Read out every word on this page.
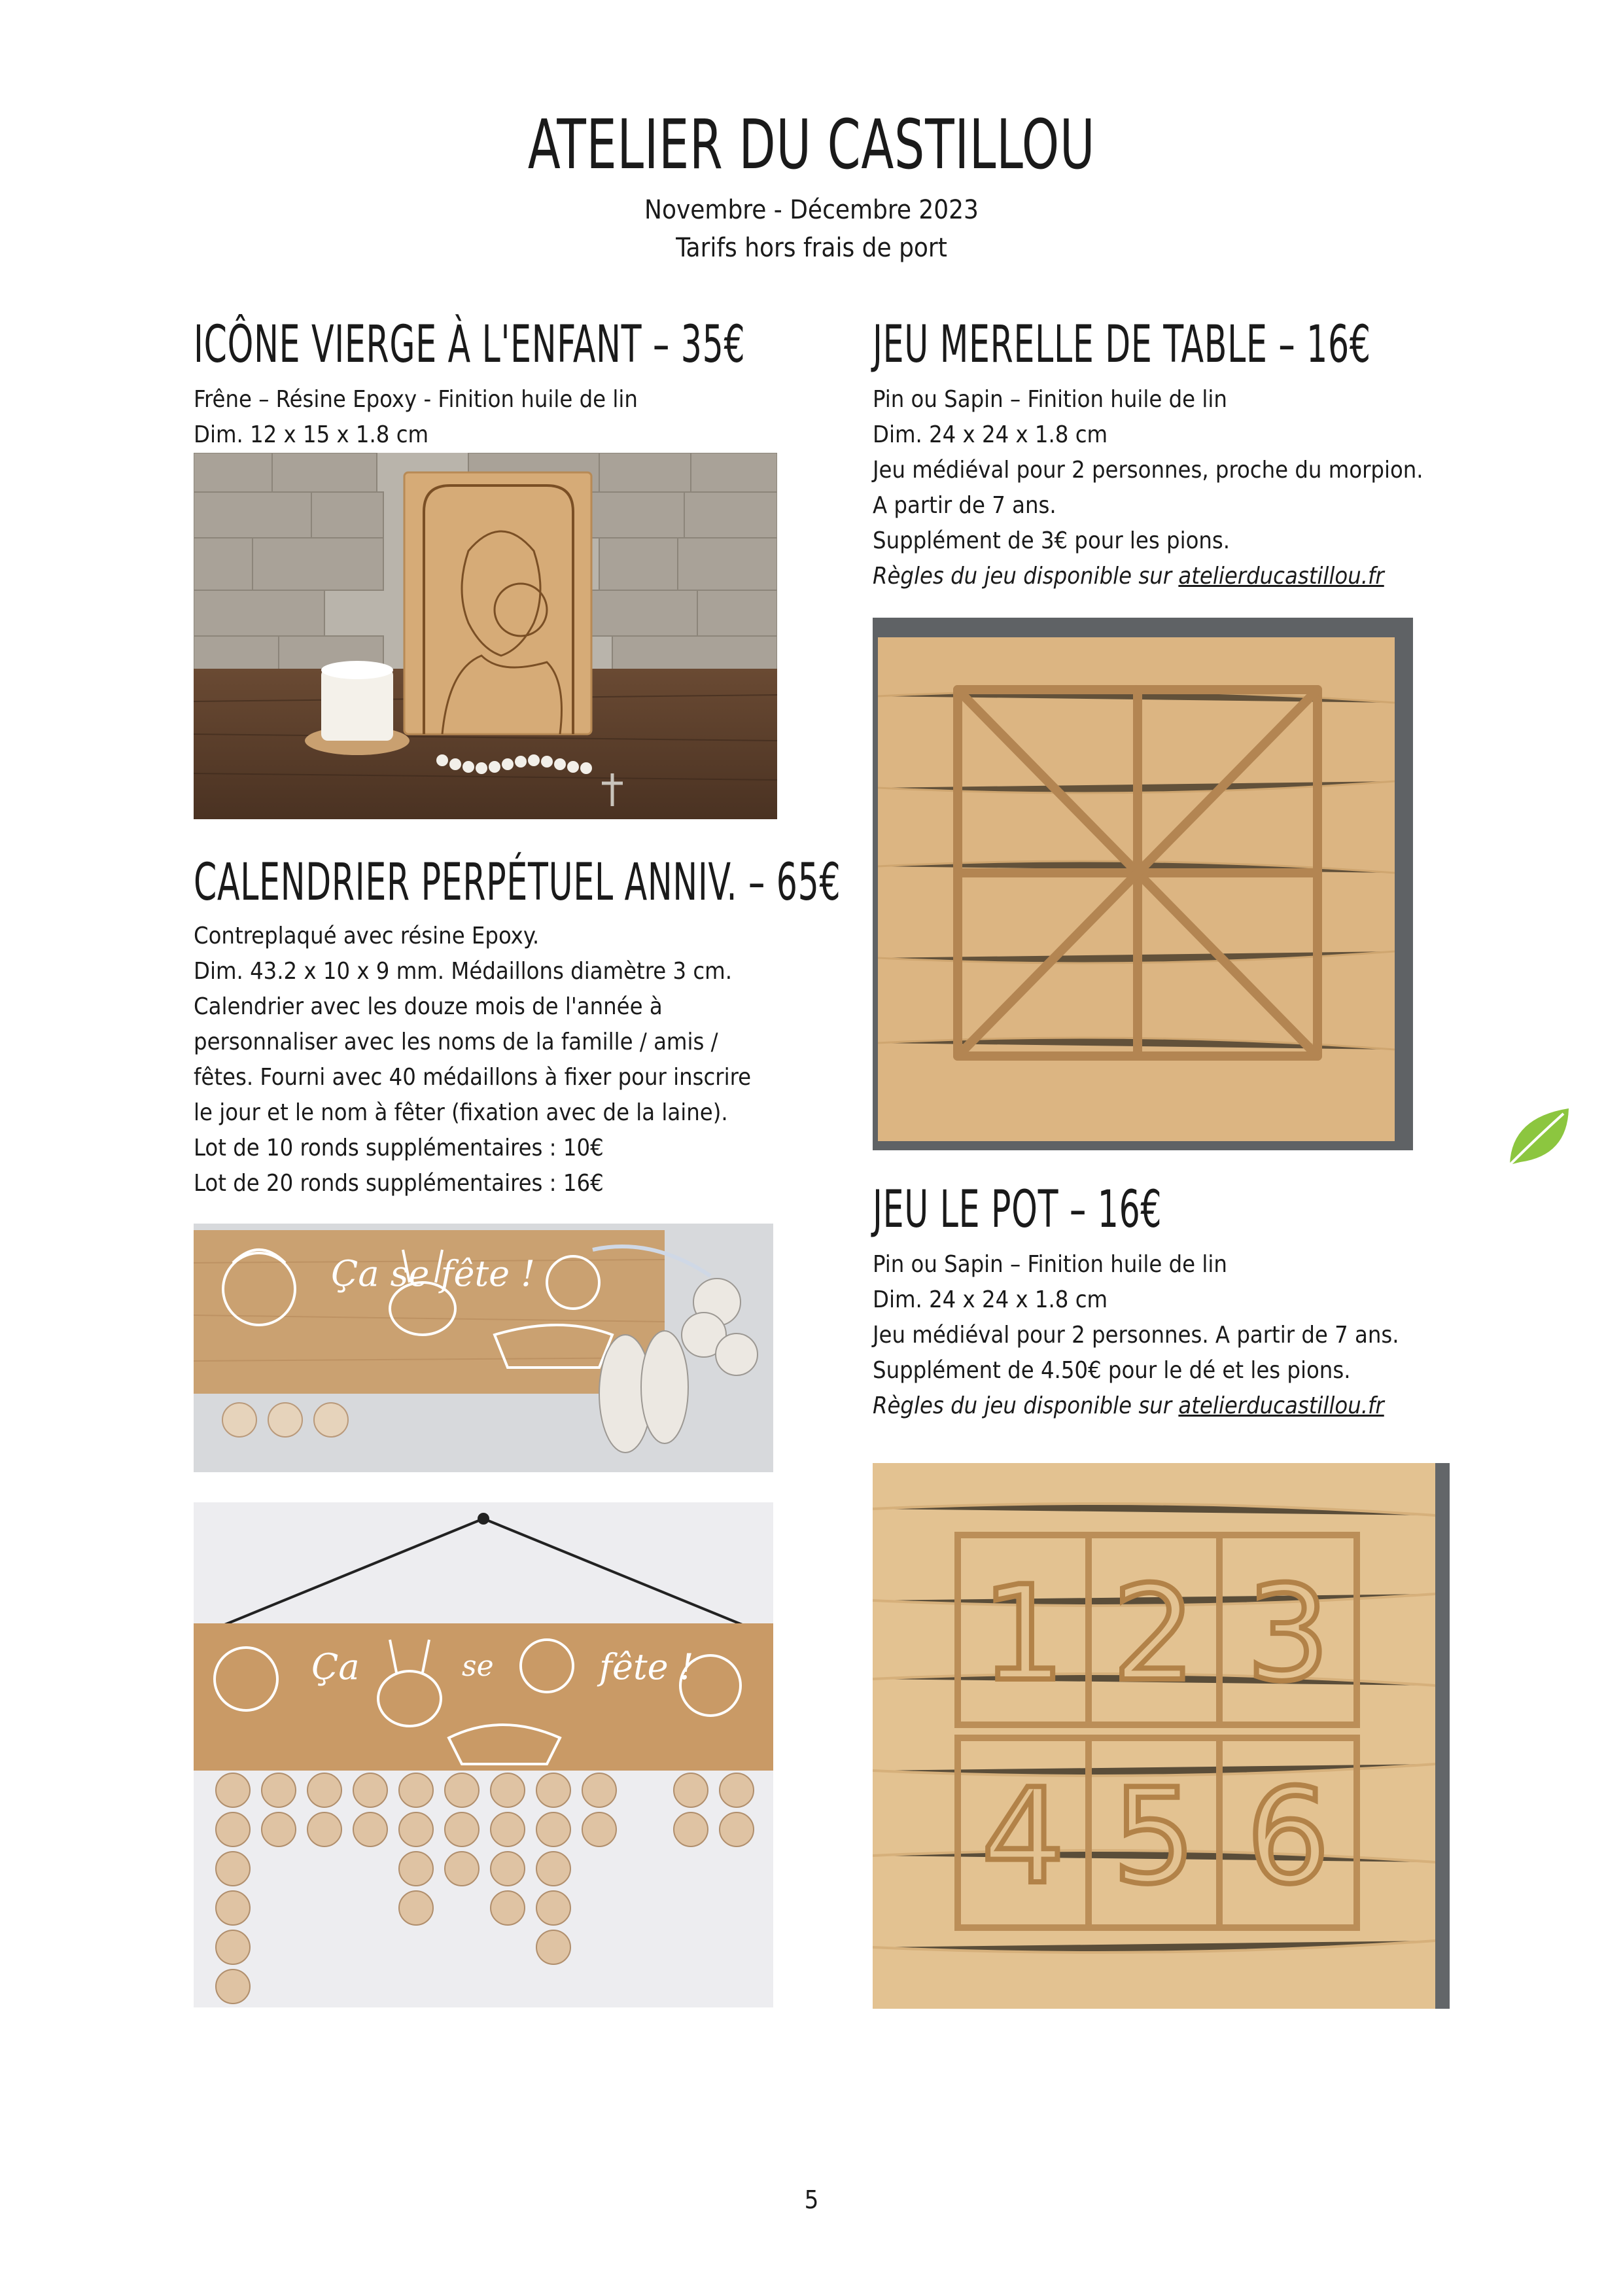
ATELIER DU CASTILLOU
Novembre - Décembre 2023
Tarifs hors frais de port
ICÔNE VIERGE À L'ENFANT – 35€
Frêne – Résine Epoxy - Finition huile de lin
Dim. 12 x 15 x 1.8 cm
CALENDRIER PERPÉTUEL ANNIV. – 65€
Contreplaqué avec résine Epoxy.
Dim. 43.2 x 10 x 9 mm. Médaillons diamètre 3 cm.
Calendrier avec les douze mois de l'année à
personnaliser avec les noms de la famille / amis /
fêtes. Fourni avec 40 médaillons à fixer pour inscrire
le jour et le nom à fêter (fixation avec de la laine).
Lot de 10 ronds supplémentaires : 10€
Lot de 20 ronds supplémentaires : 16€
Ça se fête !
Ça	se	fête !
JEU MERELLE DE TABLE – 16€
Pin ou Sapin – Finition huile de lin
Dim. 24 x 24 x 1.8 cm
Jeu médiéval pour 2 personnes, proche du morpion.
A partir de 7 ans.
Supplément de 3€ pour les pions.
Règles du jeu disponible sur atelierducastillou.fr
JEU LE POT – 16€
Pin ou Sapin – Finition huile de lin
Dim. 24 x 24 x 1.8 cm
Jeu médiéval pour 2 personnes. A partir de 7 ans.
Supplément de 4.50€ pour le dé et les pions.
Règles du jeu disponible sur atelierducastillou.fr
1 2 3
4 5 6
5
